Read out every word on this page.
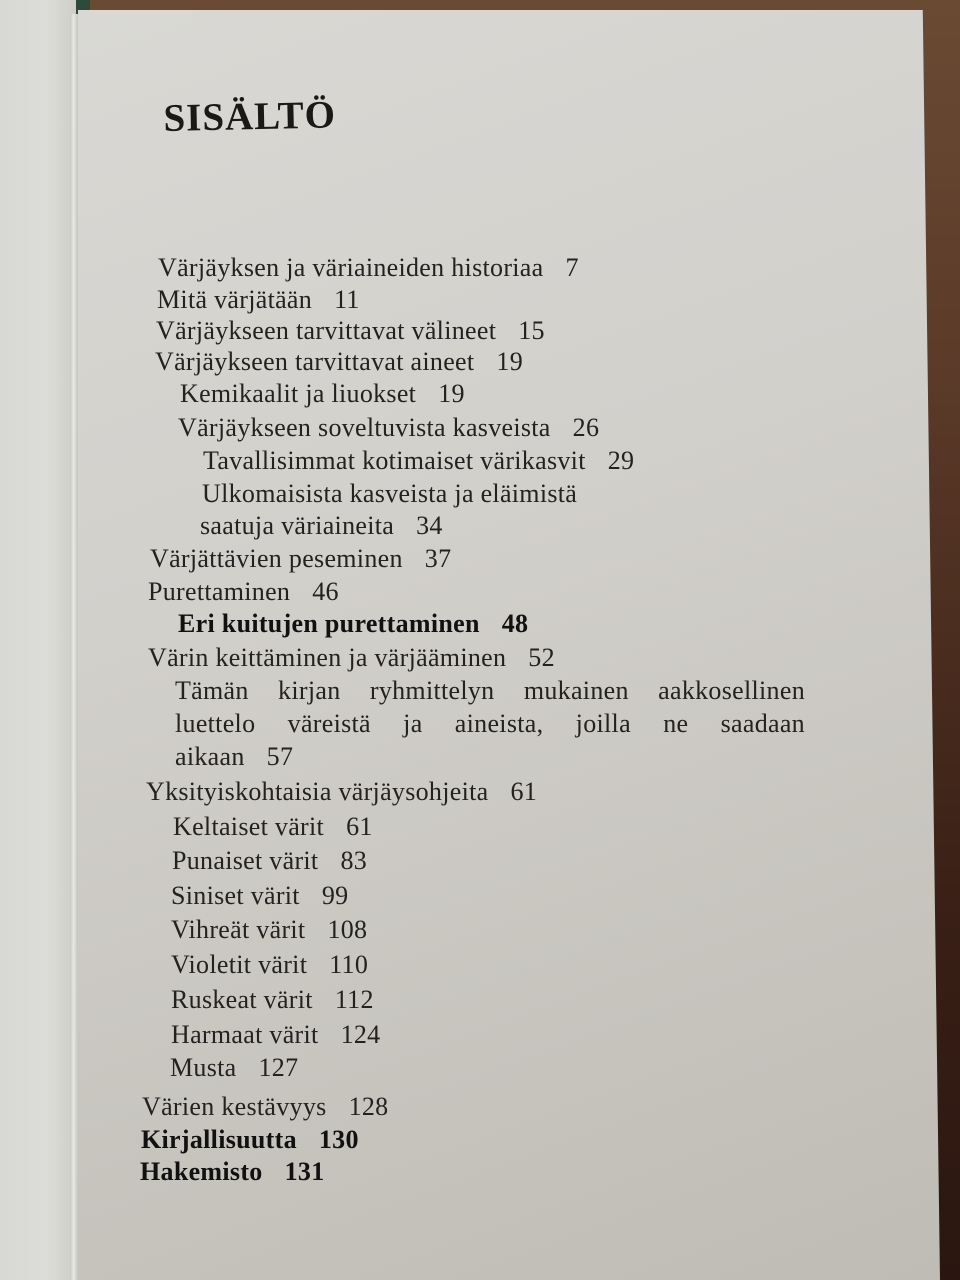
SISÄLTÖ
Värjäyksen ja väriaineiden historiaa 7
Mitä värjätään 11
Värjäykseen tarvittavat välineet 15
Värjäykseen tarvittavat aineet 19
Kemikaalit ja liuokset 19
Värjäykseen soveltuvista kasveista 26
Tavallisimmat kotimaiset värikasvit 29
Ulkomaisista kasveista ja eläimistä
saatuja väriaineita 34
Värjättävien peseminen 37
Purettaminen 46
Eri kuitujen purettaminen 48
Värin keittäminen ja värjääminen 52
Tämän kirjan ryhmittelyn mukainen aakkosellinen
luettelo väreistä ja aineista, joilla ne saadaan
aikaan 57
Yksityiskohtaisia värjäysohjeita 61
Keltaiset värit 61
Punaiset värit 83
Siniset värit 99
Vihreät värit 108
Violetit värit 110
Ruskeat värit 112
Harmaat värit 124
Musta 127
Värien kestävyys 128
Kirjallisuutta 130
Hakemisto 131
